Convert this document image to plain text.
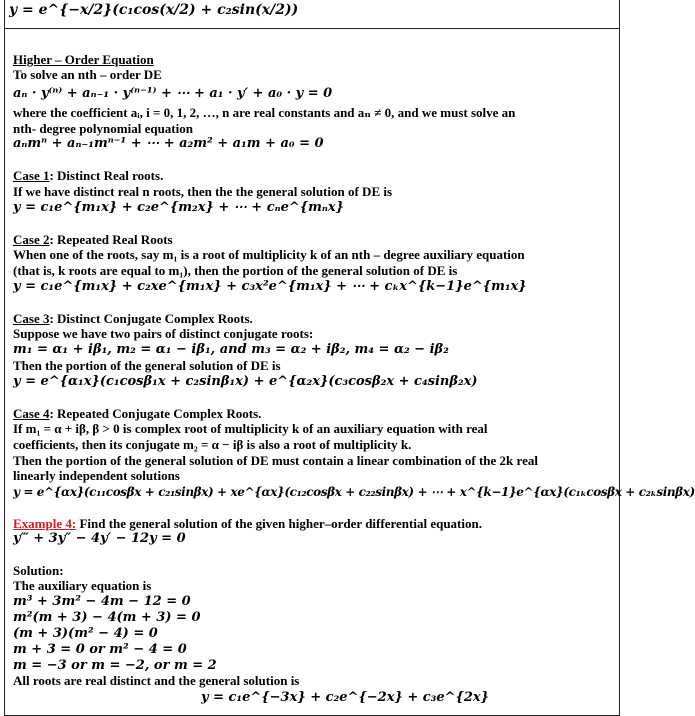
y = e^{−x/2}(c₁cos(x/2) + c₂sin(x/2))
Higher – Order Equation
To solve an nth – order DE
aₙ · y⁽ⁿ⁾ + aₙ₋₁ · y⁽ⁿ⁻¹⁾ + ⋯ + a₁ · y′ + a₀ · y = 0
where the coefficient aᵢ, i = 0, 1, 2, …, n are real constants and aₙ ≠ 0, and we must solve an
nth- degree polynomial equation
aₙmⁿ + aₙ₋₁mⁿ⁻¹ + ⋯ + a₂m² + a₁m + a₀ = 0
Case 1: Distinct Real roots.
If we have distinct real n roots, then the the general solution of DE is
y = c₁e^{m₁x} + c₂e^{m₂x} + ⋯ + cₙe^{mₙx}
Case 2: Repeated Real Roots
When one of the roots, say m₁ is a root of multiplicity k of an nth – degree auxiliary equation
(that is, k roots are equal to m₁), then the portion of the general solution of DE is
y = c₁e^{m₁x} + c₂xe^{m₁x} + c₃x²e^{m₁x} + ⋯ + cₖx^{k−1}e^{m₁x}
Case 3: Distinct Conjugate Complex Roots.
Suppose we have two pairs of distinct conjugate roots:
m₁ = α₁ + iβ₁, m₂ = α₁ − iβ₁, and m₃ = α₂ + iβ₂, m₄ = α₂ − iβ₂
Then the portion of the general solution of DE is
y = e^{α₁x}(c₁cosβ₁x + c₂sinβ₁x) + e^{α₂x}(c₃cosβ₂x + c₄sinβ₂x)
Case 4: Repeated Conjugate Complex Roots.
If m₁ = α + iβ, β > 0 is complex root of multiplicity k of an auxiliary equation with real
coefficients, then its conjugate m₂ = α − iβ is also a root of multiplicity k.
Then the portion of the general solution of DE must contain a linear combination of the 2k real
linearly independent solutions
y = e^{αx}(c₁₁cosβx + c₂₁sinβx) + xe^{αx}(c₁₂cosβx + c₂₂sinβx) + ⋯ + x^{k−1}e^{αx}(c₁ₖcosβx + c₂ₖsinβx)
Example 4: Find the general solution of the given higher–order differential equation.
y‴ + 3y″ − 4y′ − 12y = 0
Solution:
The auxiliary equation is
m³ + 3m² − 4m − 12 = 0
m²(m + 3) − 4(m + 3) = 0
(m + 3)(m² − 4) = 0
m + 3 = 0 or m² − 4 = 0
m = −3 or m = −2, or m = 2
All roots are real distinct and the general solution is
y = c₁e^{−3x} + c₂e^{−2x} + c₃e^{2x}
